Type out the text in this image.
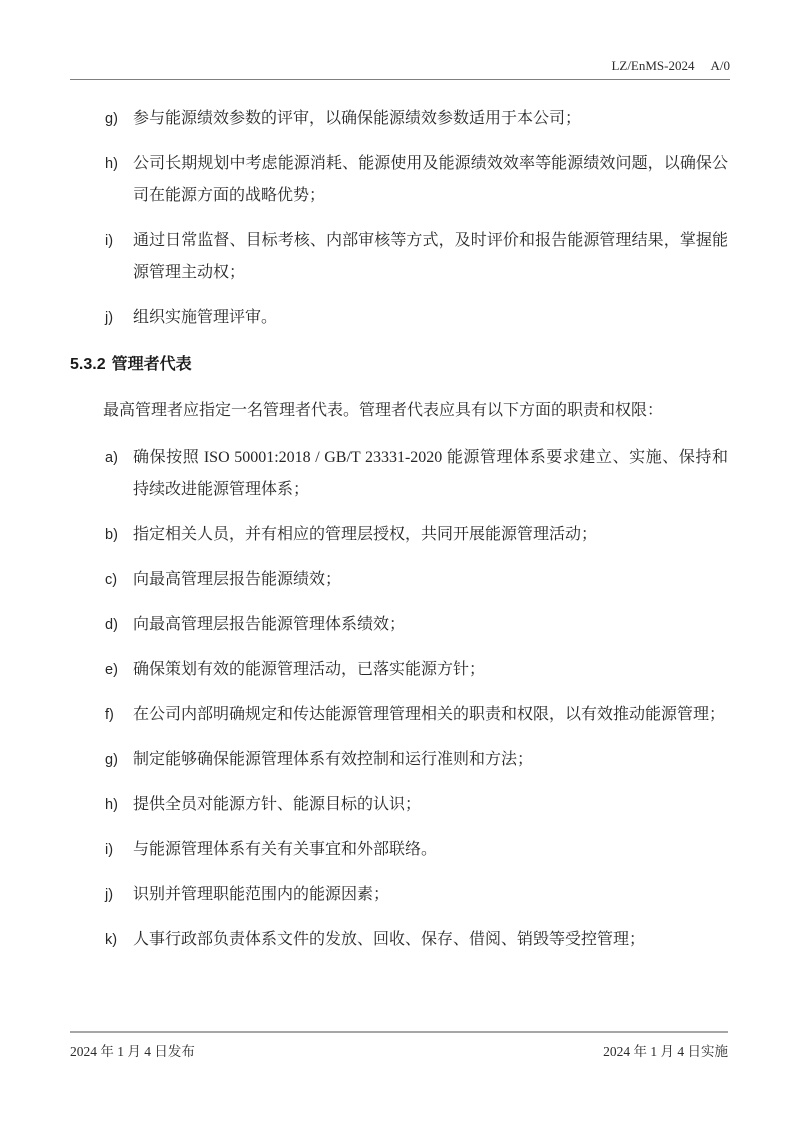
LZ/EnMS-2024 A/0
g) 参与能源绩效参数的评审，以确保能源绩效参数适用于本公司；
h) 公司长期规划中考虑能源消耗、能源使用及能源绩效效率等能源绩效问题，以确保公司在能源方面的战略优势；
i)	通过日常监督、目标考核、内部审核等方式，及时评价和报告能源管理结果，掌握能源管理主动权；
j)	组织实施管理评审。
5.3.2 管理者代表

最高管理者应指定一名管理者代表。管理者代表应具有以下方面的职责和权限：

a) 确保按照 ISO 50001:2018 / GB/T 23331-2020 能源管理体系要求建立、实施、保持和持续改进能源管理体系；
b) 指定相关人员，并有相应的管理层授权，共同开展能源管理活动；
c) 向最高管理层报告能源绩效；
d) 向最高管理层报告能源管理体系绩效；
e) 确保策划有效的能源管理活动，已落实能源方针；
f)	在公司内部明确规定和传达能源管理管理相关的职责和权限，以有效推动能源管理；
g) 制定能够确保能源管理体系有效控制和运行准则和方法；
h) 提供全员对能源方针、能源目标的认识；
i)	与能源管理体系有关有关事宜和外部联络。
j)	识别并管理职能范围内的能源因素；
k) 人事行政部负责体系文件的发放、回收、保存、借阅、销毁等受控管理；
2024 年 1 月 4 日发布	2024 年 1 月 4 日实施
